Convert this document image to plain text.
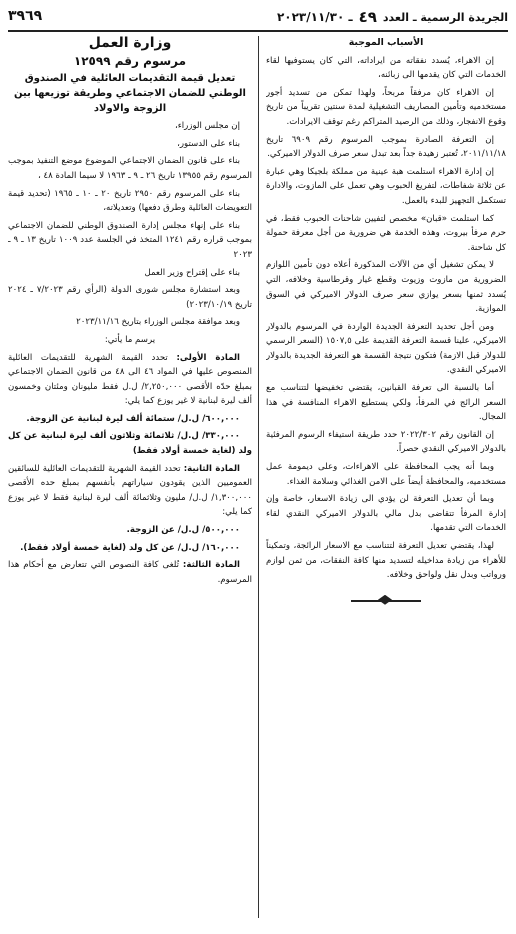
الجريدة الرسمية ـ العدد
٤٩
ـ ٢٠٢٣/١١/٣٠
٣٩٦٩

الأسباب الموجبة

إن الاهراء، يُسدد نفقاته من ايراداته، التي كان يستوفيها لقاء الخدمات التي كان يقدمها الى زبائنه،

إن الاهراء كان مرفقاً مربحاً، ولهذا تمكن من تسديد أجور مستخدميه وتأمين المصاريف التشغيلية لمدة سنتين تقريباً من تاريخ وقوع الانفجار، وذلك من الرصيد المتراكم رغم توقف الايرادات.

إن التعرفة الصادرة بموجب المرسوم رقم ٦٩٠٩ تاريخ ٢٠١١/١١/١٨، تُعتبر زهيدة جداً بعد تبدل سعر صرف الدولار الاميركي.

إن إدارة الاهراء استلمت هبة عينية من مملكة بلجيكا وهي عبارة عن ثلاثة شفاطات، لتفريغ الحبوب وهي تعمل على المازوت، والادارة تستكمل التجهيز للبدء بالعمل.

كما استلمت «قبان» مخصص لتفيين شاحنات الحبوب فقط، في حرم مرفأ بيروت، وهذه الخدمة هي ضرورية من أجل معرفة حمولة كل شاحنة.

لا يمكن تشغيل أي من الآلات المذكورة أعلاه دون تأمين اللوازم الضرورية من مازوت وزيوت وقطع غيار وقرطاسية وخلافه، التي يُسدد ثمنها بسعر يوازي سعر صرف الدولار الاميركي في السوق الموازية.

ومن أجل تحديد التعرفة الجديدة الواردة في المرسوم بالدولار الاميركي، علينا قسمة التعرفة القديمة على ١٥٠٧,٥ (السعر الرسمي للدولار قبل الازمة) فتكون نتيجة القسمة هو التعرفة الجديدة بالدولار الاميركي النقدي.

أما بالنسبة الى تعرفة القبانين، يقتضي تخفيضها لتتناسب مع السعر الرائج في المرفأ، ولكي يستطيع الاهراء المنافسة في هذا المجال.

إن القانون رقم ٢٠٢٢/٣٠٢ حدد طريقة استيفاء الرسوم المرفئية بالدولار الاميركي النقدي حصراً.

وبما أنه يجب المحافظة على الاهراءات، وعلى ديمومة عمل مستخدميه، والمحافظة أيضاً على الامن الغذائي وسلامة الغذاء.

وبما أن تعديل التعرفة لن يؤدي الى زيادة الاسعار، خاصة وإن إدارة المرفأ تتقاضى بدل مالي بالدولار الاميركي النقدي لقاء الخدمات التي تقدمها.

لهذا، يقتضي تعديل التعرفة لتتناسب مع الاسعار الرائجة، وتمكيناً للأهراء من زيادة مداخيله لتسديد منها كافة النفقات، من ثمن لوازم ورواتب وبدل نقل ولواحق وخلافه.

وزارة العمل

مرسوم رقم ١٢٥٩٩

تعديل قيمة التقديمات العائلية في الصندوق الوطني للضمان الاجتماعي وطريقة توزيعها بين الزوجة والاولاد

إن مجلس الوزراء،

بناء على الدستور،

بناء على قانون الضمان الاجتماعي الموضوع موضع التنفيذ بموجب المرسوم رقم ١٣٩٥٥ تاريخ ٢٦ ـ ٩ ـ ١٩٦٣ لا سيما المادة ٤٨ ،

بناء على المرسوم رقم ٢٩٥٠ تاريخ ٢٠ ـ ١٠ ـ ١٩٦٥ (تحديد قيمة التعويضات العائلية وطرق دفعها) وتعديلاته،

بناء على إنهاء مجلس إدارة الصندوق الوطني للضمان الاجتماعي بموجب قراره رقم ١٢٤١ المتخذ في الجلسة عدد ١٠٠٩ تاريخ ١٣ ـ ٩ ـ ٢٠٢٣

بناء على إقتراح وزير العمل

وبعد استشارة مجلس شورى الدولة (الرأي رقم ٧/٢٠٢٣ ـ ٢٠٢٤ تاريخ ٢٠٢٣/١٠/١٩)

وبعد موافقة مجلس الوزراء بتاريخ ٢٠٢٣/١١/١٦

يرسم ما يأتي:

المادة الأولى: تحدد القيمة الشهرية للتقديمات العائلية المنصوص عليها في المواد ٤٦ الى ٤٨ من قانون الضمان الاجتماعي بمبلغ حدّه الأقصى ٢,٢٥٠,٠٠٠/ ل.ل فقط مليونان ومئتان وخمسون ألف ليرة لبنانية لا غير يوزع كما يلي:

٦٠٠,٠٠٠/ ل.ل/ ستمائة ألف ليرة لبنانية عن الزوجة.

٣٣٠,٠٠٠/ ل.ل/ ثلاثمائة وثلاثون ألف ليرة لبنانية عن كل ولد (لغاية خمسة أولاد فقط)

المادة الثانية: تحدد القيمة الشهرية للتقديمات العائلية للسائقين العموميين الذين يقودون سياراتهم بأنفسهم بمبلغ حده الأقصى ١,٣٠٠,٠٠٠/ ل.ل/ مليون وثلاثمائة ألف ليرة لبنانية فقط لا غير يوزع كما يلي:

٥٠٠,٠٠٠/ ل.ل/ عن الزوجة.

١٦٠,٠٠٠/ ل.ل/ عن كل ولد (لغاية خمسة أولاد فقط).

المادة الثالثة: تُلغى كافة النصوص التي تتعارض مع أحكام هذا المرسوم.
